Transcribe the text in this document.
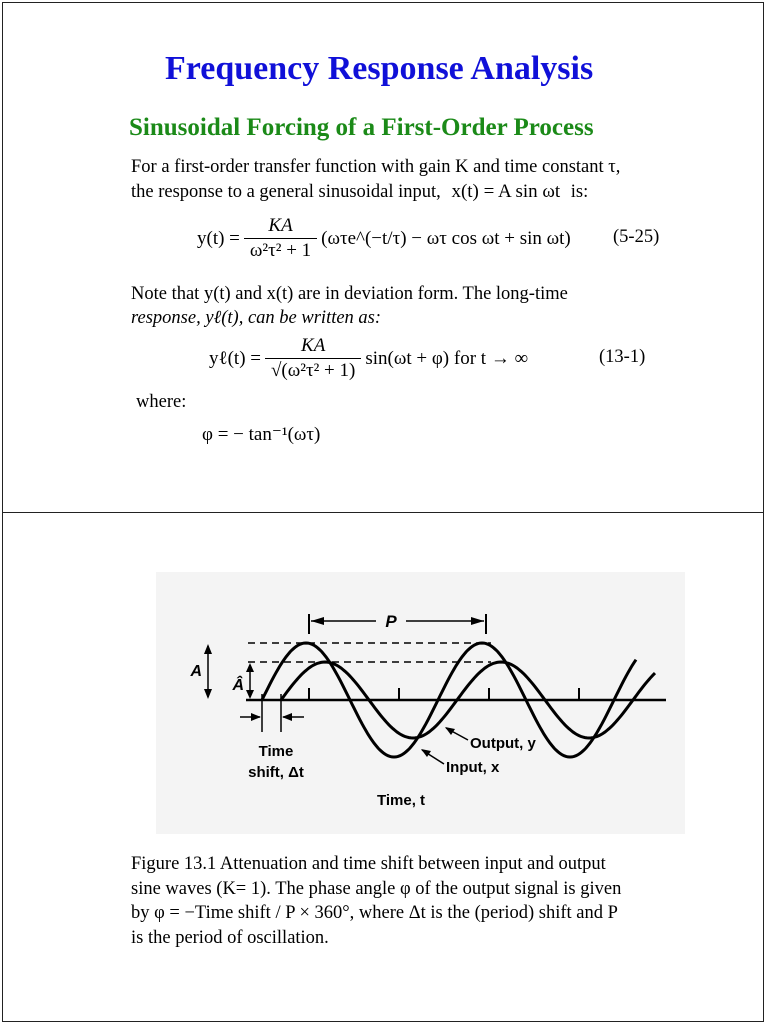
Frequency Response Analysis
Sinusoidal Forcing of a First-Order Process
For a first-order transfer function with gain K and time constant τ,
the response to a general sinusoidal input, x(t) = A sin ωt is:
$y(t) = \frac{KA}{\text{ω²τ² + 1}}$ (ωτe^(−t/τ) − ωτ cos ωt + sin ωt) (5-25)
Note that y(t) and x(t) are in deviation form. The long-time
response, yℓ(t), can be written as:
yℓ(t) = $\frac{KA}{\text{√(ω²τ² + 1)}} \sin(\omega t + \varphi)$ for t → ∞	(13-1)
where:
φ = − tan⁻¹(ωτ)
P
A
Â
Time
shift, Δt
Output, y
Input, x
Time, t
Figure 13.1 Attenuation and time shift between input and output
sine waves (K= 1). The phase angle φ of the output signal is given
by φ = −Time shift / P × 360°, where Δt is the (period) shift and P
is the period of oscillation.
